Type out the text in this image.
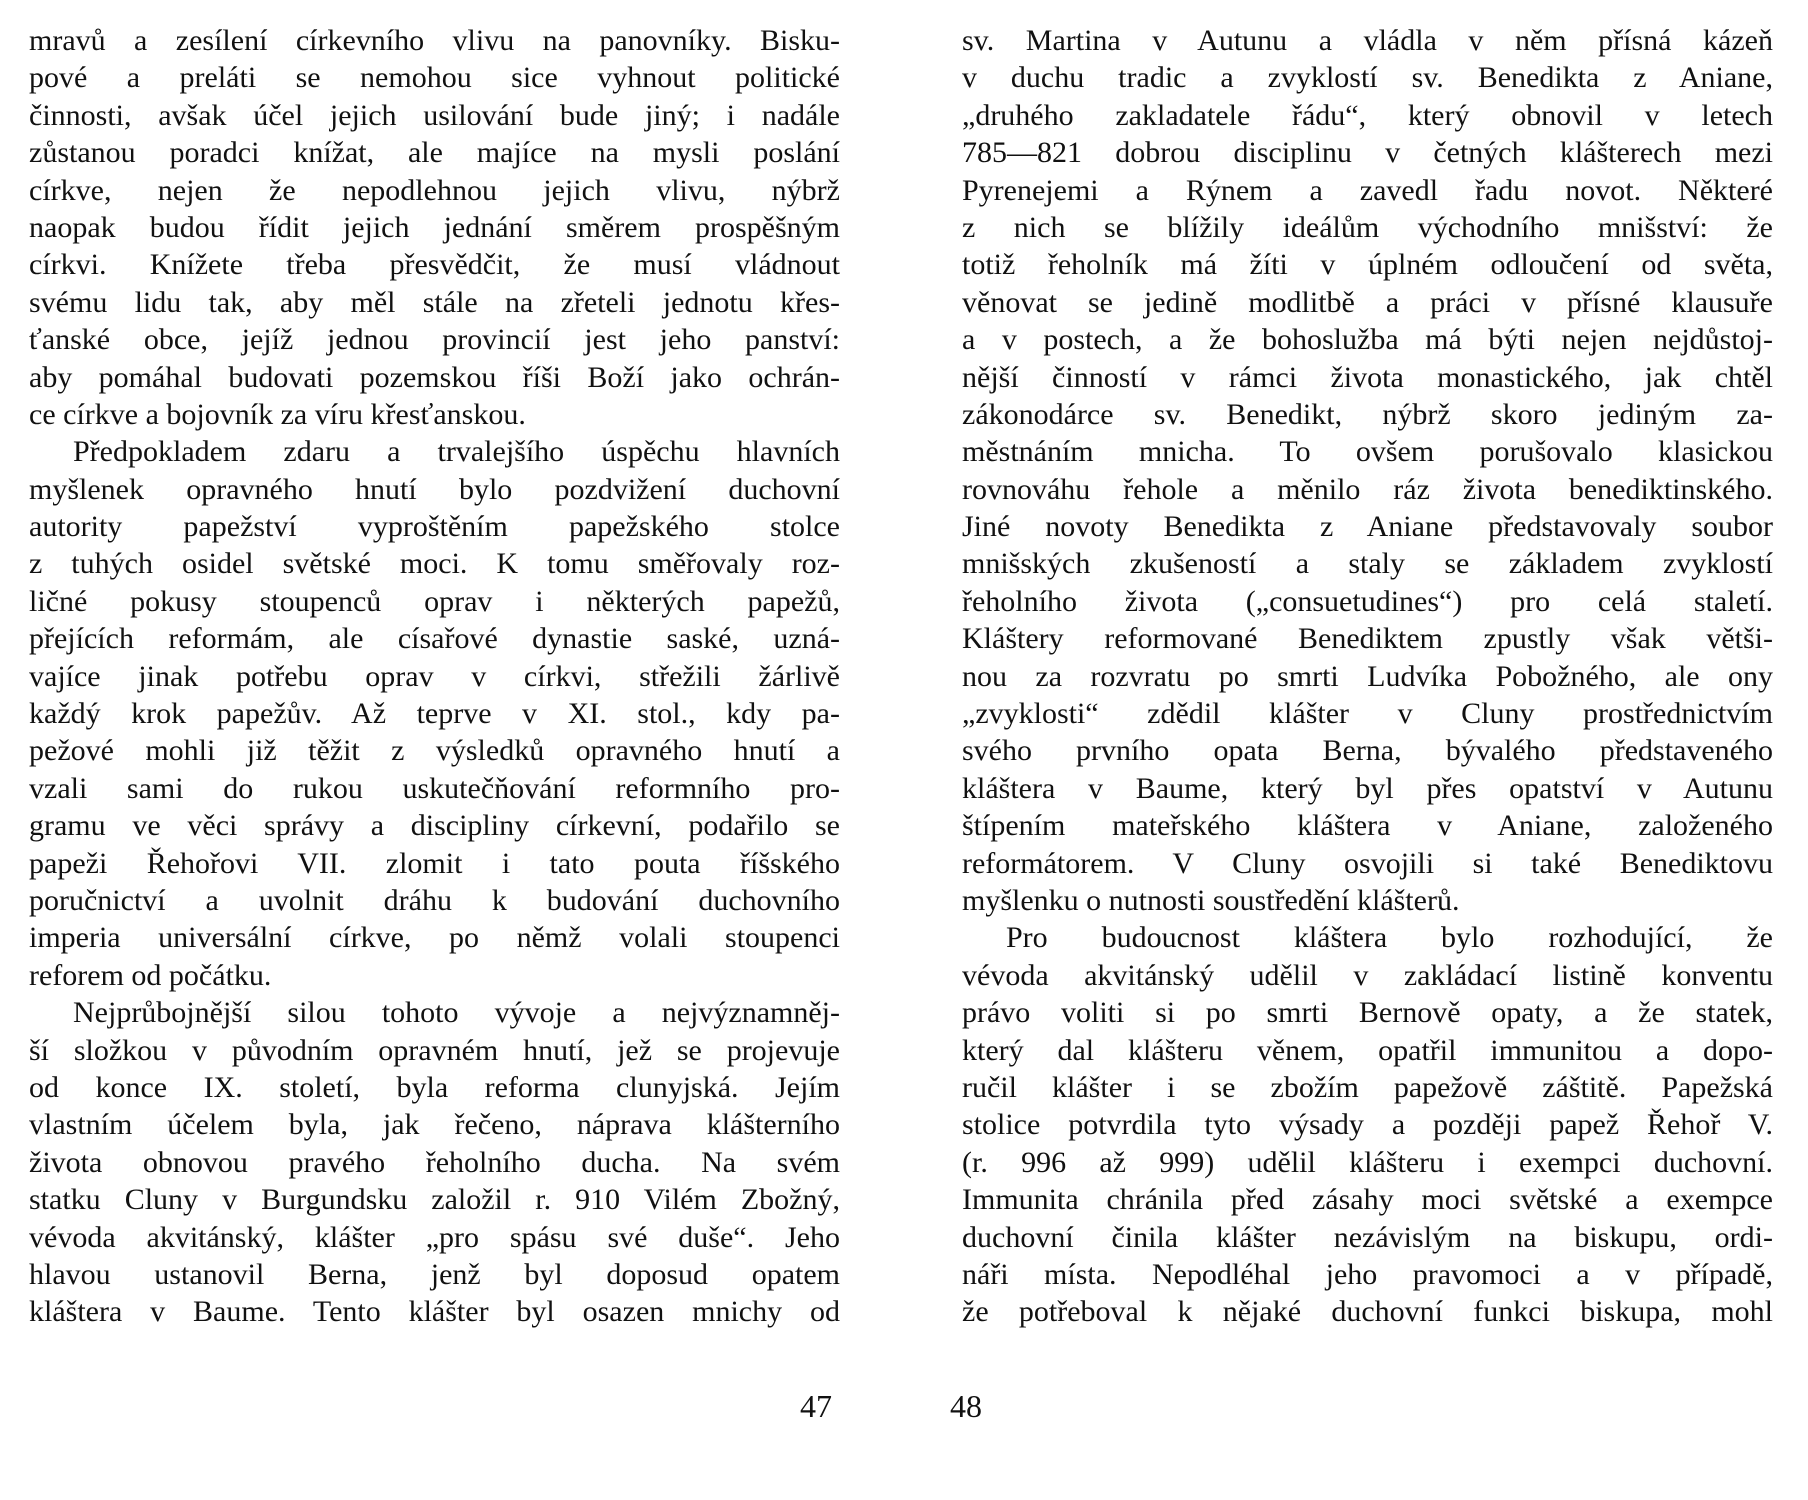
mravů a zesílení církevního vlivu na panovníky. Bisku-
pové a preláti se nemohou sice vyhnout politické
činnosti, avšak účel jejich usilování bude jiný; i nadále
zůstanou poradci knížat, ale majíce na mysli poslání
církve, nejen že nepodlehnou jejich vlivu, nýbrž
naopak budou řídit jejich jednání směrem prospěšným
církvi. Knížete třeba přesvědčit, že musí vládnout
svému lidu tak, aby měl stále na zřeteli jednotu křes-
ťanské obce, jejíž jednou provincií jest jeho panství:
aby pomáhal budovati pozemskou říši Boží jako ochrán-
ce církve a bojovník za víru křesťanskou.
Předpokladem zdaru a trvalejšího úspěchu hlavních
myšlenek opravného hnutí bylo pozdvižení duchovní
autority papežství vyproštěním papežského stolce
z tuhých osidel světské moci. K tomu směřovaly roz-
ličné pokusy stoupenců oprav i některých papežů,
přejících reformám, ale císařové dynastie saské, uzná-
vajíce jinak potřebu oprav v církvi, střežili žárlivě
každý krok papežův. Až teprve v XI. stol., kdy pa-
pežové mohli již těžit z výsledků opravného hnutí a
vzali sami do rukou uskutečňování reformního pro-
gramu ve věci správy a discipliny církevní, podařilo se
papeži Řehořovi VII. zlomit i tato pouta říšského
poručnictví a uvolnit dráhu k budování duchovního
imperia universální církve, po němž volali stoupenci
reforem od počátku.
Nejprůbojnější silou tohoto vývoje a nejvýznamněj-
ší složkou v původním opravném hnutí, jež se projevuje
od konce IX. století, byla reforma clunyjská. Jejím
vlastním účelem byla, jak řečeno, náprava klášterního
života obnovou pravého řeholního ducha. Na svém
statku Cluny v Burgundsku založil r. 910 Vilém Zbožný,
vévoda akvitánský, klášter „pro spásu své duše“. Jeho
hlavou ustanovil Berna, jenž byl doposud opatem
kláštera v Baume. Tento klášter byl osazen mnichy od
sv. Martina v Autunu a vládla v něm přísná kázeň
v duchu tradic a zvyklostí sv. Benedikta z Aniane,
„druhého zakladatele řádu“, který obnovil v letech
785—821 dobrou disciplinu v četných klášterech mezi
Pyrenejemi a Rýnem a zavedl řadu novot. Některé
z nich se blížily ideálům východního mnišství: že
totiž řeholník má žíti v úplném odloučení od světa,
věnovat se jedině modlitbě a práci v přísné klausuře
a v postech, a že bohoslužba má býti nejen nejdůstoj-
nější činností v rámci života monastického, jak chtěl
zákonodárce sv. Benedikt, nýbrž skoro jediným za-
městnáním mnicha. To ovšem porušovalo klasickou
rovnováhu řehole a měnilo ráz života benediktinského.
Jiné novoty Benedikta z Aniane představovaly soubor
mnišských zkušeností a staly se základem zvyklostí
řeholního života („consuetudines“) pro celá staletí.
Kláštery reformované Benediktem zpustly však větši-
nou za rozvratu po smrti Ludvíka Pobožného, ale ony
„zvyklosti“ zdědil klášter v Cluny prostřednictvím
svého prvního opata Berna, bývalého představeného
kláštera v Baume, který byl přes opatství v Autunu
štípením mateřského kláštera v Aniane, založeného
reformátorem. V Cluny osvojili si také Benediktovu
myšlenku o nutnosti soustředění klášterů.
Pro budoucnost kláštera bylo rozhodující, že
vévoda akvitánský udělil v zakládací listině konventu
právo voliti si po smrti Bernově opaty, a že statek,
který dal klášteru věnem, opatřil immunitou a dopo-
ručil klášter i se zbožím papežově záštitě. Papežská
stolice potvrdila tyto výsady a později papež Řehoř V.
(r. 996 až 999) udělil klášteru i exempci duchovní.
Immunita chránila před zásahy moci světské a exempce
duchovní činila klášter nezávislým na biskupu, ordi-
náři místa. Nepodléhal jeho pravomoci a v případě,
že potřeboval k nějaké duchovní funkci biskupa, mohl
47	48
